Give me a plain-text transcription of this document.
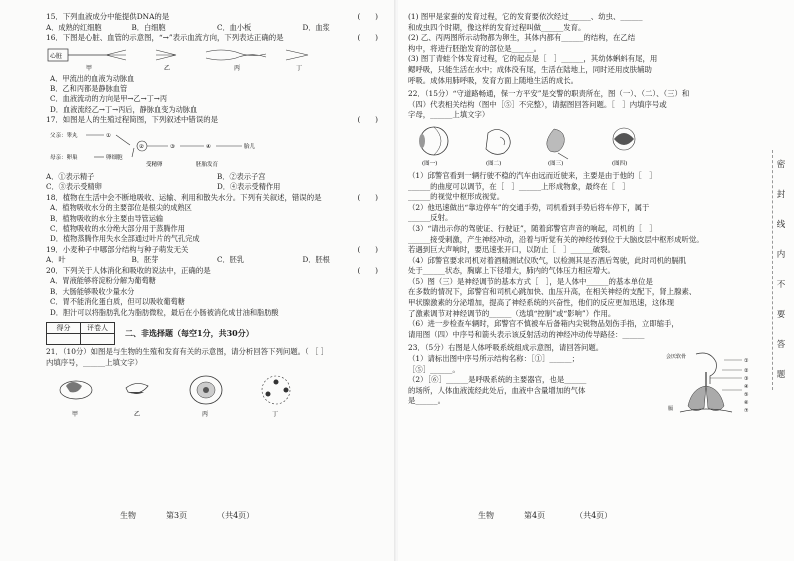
15．下列血液成分中能提供DNA的是	(　　)
A．成熟的红细胞	B．白细胞	C．血小板	D．血浆
16．下图是心脏、血管的示意图，“→”表示血流方向，下列表达正确的是	(　　)
心脏
甲	乙	丙	丁
A．甲流出的血液为动脉血
B．乙和丙都是静脉血管
C．血液流动的方向是甲→乙→丁→丙
D．血液流经乙→丁→丙后，静脉血变为动脉血
17．如图是人的生殖过程简图，下列叙述中错误的是	(　　)
父亲：睾丸
母亲：卵巢
①
卵细胞
②	③	④	胎儿
受精卵	胚胎发育
A．①表示精子	B．②表示子宫
C．③表示受精卵	D．④表示受精作用
18．植物在生活中会不断地吸收、运输、利用和散失水分。下列有关叙述，错误的是	(　　)
A．植物吸收水分的主要部位是根尖的成熟区
B．植物吸收的水分主要由导管运输
C．植物吸收的水分绝大部分用于蒸腾作用
D．植物蒸腾作用失水全部通过叶片的气孔完成
19．小麦种子中哪部分结构与种子萌发无关	(　　)
A．叶	B．胚芽	C．胚乳	D．胚根
20．下列关于人体消化和吸收的说法中，正确的是	(　　)
A．胃液能够将淀粉分解为葡萄糖
B．大肠能够吸收少量水分
C．胃不能消化蛋白质，但可以吸收葡萄糖
D．胆汁可以将脂肪乳化为脂肪微粒，最后在小肠被消化成甘油和脂肪酸
得分	评卷人
	二、非选择题（每空1分，共30分）
21．（10分）如图是与生物的生殖和发育有关的示意图，请分析回答下列问题。（ ［ ］
内填序号，______上填文字）
甲	乙	丙	丁
生物	第3页	（共4页）
(1) 图甲是家蚕的发育过程，它的发育要依次经过______、幼虫、______
和成虫四个时期，像这样的发育过程叫做______发育。
(2) 乙、丙两图所示动物都为卵生，其体内都有______的结构，在乙结
构中，将进行胚胎发育的部位是______。
(3) 图丁青蛙个体发育过程，它的起点是［　］______，其幼体蝌蚪有尾，用
鳃呼吸，只能生活在水中；成体没有尾，生活在陆地上，同时还用皮肤辅助
呼吸。成体用肺呼吸，发育方面上随地生活的成长。
22．（15分）“守道路畅通，保一方平安”是交警的职责所在，图（一）、（二）、（三）和
（四）代表相关结构（图中［⑤］不完整），请据图回答问题。［　］内填序号或
字母，______上填文字）
(图一)	(图二)	(图三)	(图四)
（1）邱警官看到一辆行驶不稳的汽车由远而近驶来，主要是由于他的［　］
______的曲度可以调节，在［　］______上形成物象，最终在［　］
______的视觉中枢形成视觉。
（2）他迅速做出“靠边停车”的交通手势，司机看到手势后将车停下，属于
______反射。
（3）“请出示你的驾驶证、行驶证”，随着邱警官声音的响起，司机的［　］
______接受刺激，产生神经冲动，沿着与听觉有关的神经传到位于大脑皮层中枢形成听觉。
若遇到巨大声响时，要迅速张开口，以防止［　］______破裂。
（4）邱警官要求司机对着酒精测试仪吹气，以检测其是否酒后驾驶，此时司机的膈肌
处于______状态，胸廓上下径增大，肺内的气体压力相应增大。
（5）图（三）是神经调节的基本方式［　］，是人体中______的基本单位是
在多数的情况下，邱警官和司机心跳加快、血压升高，在相关神经的支配下，肾上腺素、
甲状腺激素的分泌增加，提高了神经系统的兴奋性，他们的反应更加迅速，这体现
了激素调节对神经调节的______（选填“控制”或“影响”）作用。
（6）进一步检查车辆时，邱警官不慎被车后备箱内尖锐物品划伤手指，立即缩手，
请用图（四）中序号和箭头表示该反射活动的神经冲动传导路径：______
23．（5分）右图是人体呼吸系统组成示意图，请回答问题。
（1）请标出图中序号所示结构名称：［①］______；
［⑤］______。
（2）［⑥］______是呼吸系统的主要器官，也是______
的场所，人体血液流经此处后，血液中含量增加的气体
是______。
会厌软骨
①
②
③
④
⑤
⑥
⑦
膈
生物	第4页	（共4页）
密
封
线
内
不
要
答
题
